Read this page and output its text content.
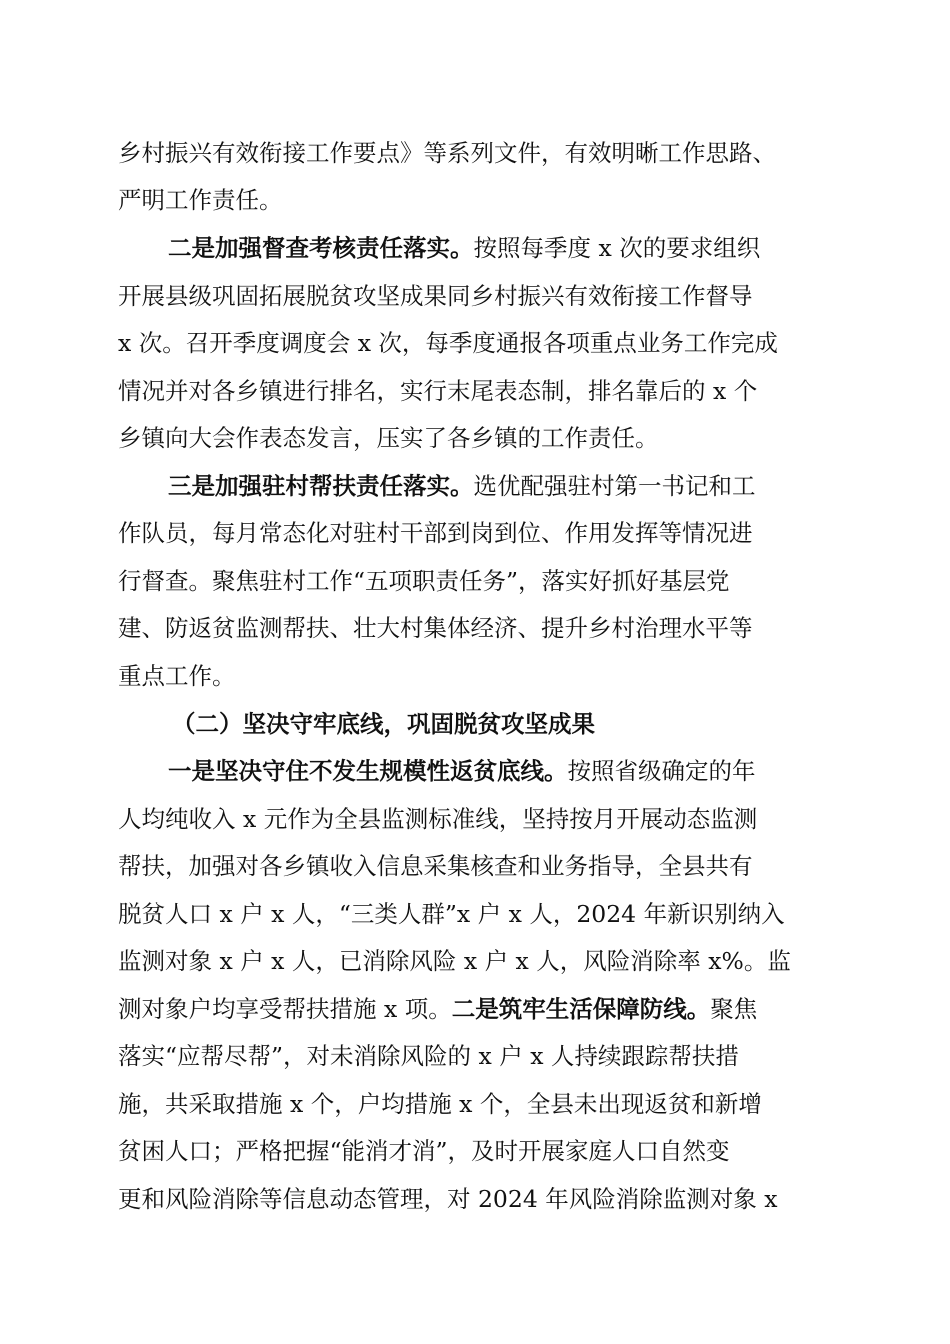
乡村振兴有效衔接工作要点》等系列文件，有效明晰工作思路、
严明工作责任。
二是加强督查考核责任落实。按照每季度 x 次的要求组织
开展县级巩固拓展脱贫攻坚成果同乡村振兴有效衔接工作督导
x 次。召开季度调度会 x 次，每季度通报各项重点业务工作完成
情况并对各乡镇进行排名，实行末尾表态制，排名靠后的 x 个
乡镇向大会作表态发言，压实了各乡镇的工作责任。
三是加强驻村帮扶责任落实。选优配强驻村第一书记和工
作队员，每月常态化对驻村干部到岗到位、作用发挥等情况进
行督查。聚焦驻村工作“五项职责任务”，落实好抓好基层党
建、防返贫监测帮扶、壮大村集体经济、提升乡村治理水平等
重点工作。
（二）坚决守牢底线，巩固脱贫攻坚成果
一是坚决守住不发生规模性返贫底线。按照省级确定的年
人均纯收入 x 元作为全县监测标准线，坚持按月开展动态监测
帮扶，加强对各乡镇收入信息采集核查和业务指导，全县共有
脱贫人口 x 户 x 人，“三类人群”x 户 x 人，2024 年新识别纳入
监测对象 x 户 x 人，已消除风险 x 户 x 人，风险消除率 x%。监
测对象户均享受帮扶措施 x 项。二是筑牢生活保障防线。聚焦
落实“应帮尽帮”，对未消除风险的 x 户 x 人持续跟踪帮扶措
施，共采取措施 x 个，户均措施 x 个，全县未出现返贫和新增
贫困人口；严格把握“能消才消”，及时开展家庭人口自然变
更和风险消除等信息动态管理，对 2024 年风险消除监测对象 x
